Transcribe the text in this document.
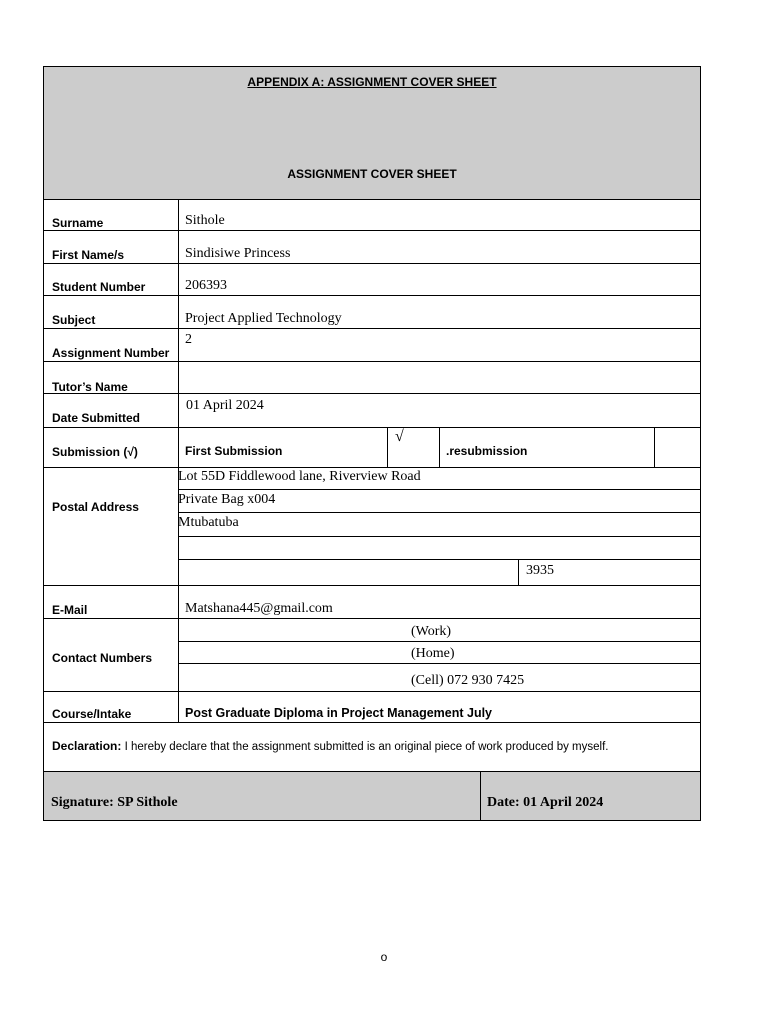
APPENDIX A: ASSIGNMENT COVER SHEET
ASSIGNMENT COVER SHEET
Surname
First Name/s
Student Number
Subject
Assignment Number
Tutor’s Name
Date Submitted
Submission (√)
Postal Address
E-Mail
Contact Numbers
Course/Intake
Sithole
Sindisiwe Princess
206393
Project Applied Technology
2
01 April 2024
First Submission
√
.resubmission
Lot 55D Fiddlewood lane, Riverview Road
Private Bag x004
Mtubatuba
3935
Matshana445@gmail.com
(Work)
(Home)
(Cell) 072 930 7425
Post Graduate Diploma in Project Management July
Declaration: I hereby declare that the assignment submitted is an original piece of work produced by myself.
Signature: SP Sithole	Date: 01 April 2024
o
